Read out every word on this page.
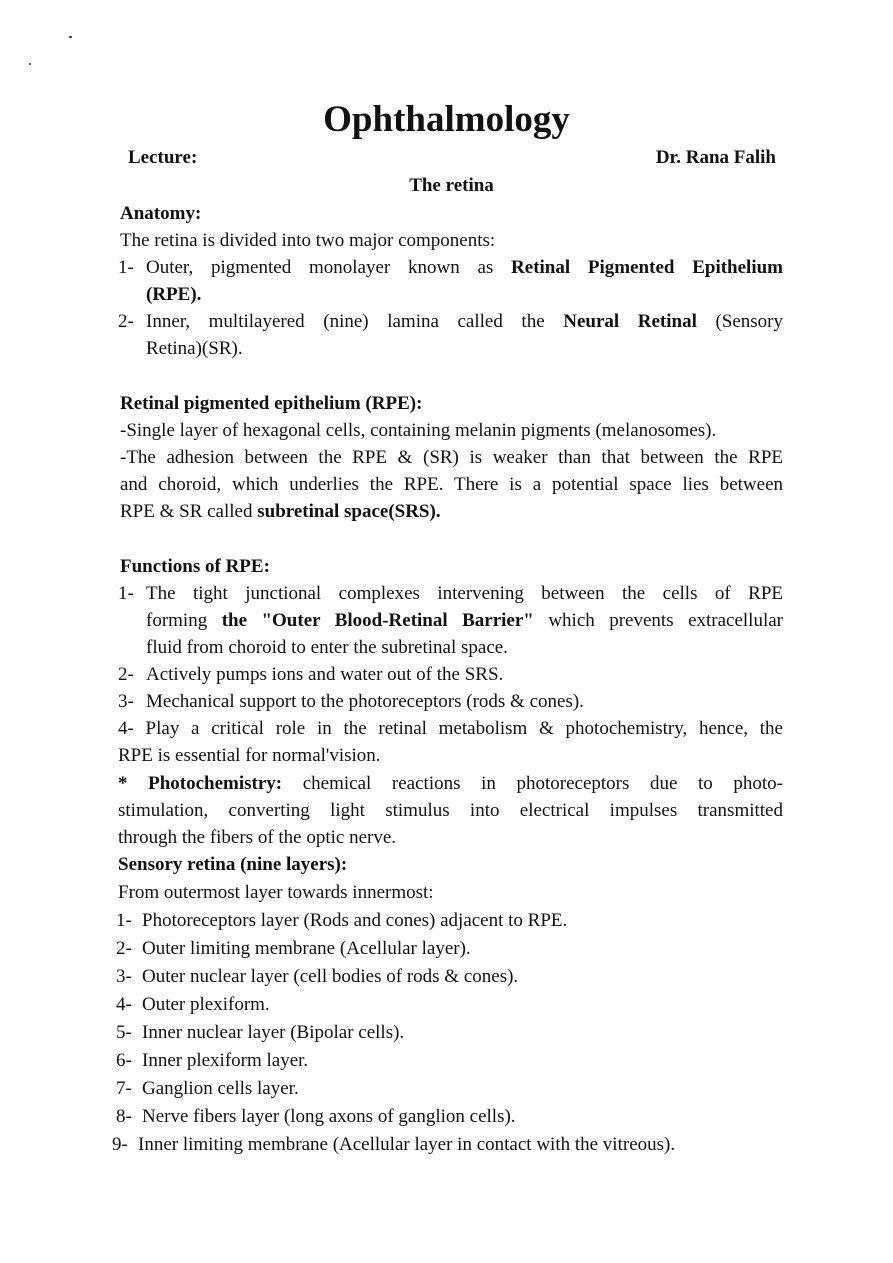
Ophthalmology
Lecture:	Dr. Rana Falih
The retina
Anatomy:
The retina is divided into two major components:
1- Outer, pigmented monolayer known as Retinal Pigmented Epithelium
(RPE).
2- Inner, multilayered (nine) lamina called the Neural Retinal (Sensory
Retina)(SR).
Retinal pigmented epithelium (RPE):
-Single layer of hexagonal cells, containing melanin pigments (melanosomes).
-The adhesion between the RPE & (SR) is weaker than that between the RPE
and choroid, which underlies the RPE. There is a potential space lies between
RPE & SR called subretinal space(SRS).
Functions of RPE:
1- The tight junctional complexes intervening between the cells of RPE
forming the "Outer Blood-Retinal Barrier" which prevents extracellular
fluid from choroid to enter the subretinal space.
2- Actively pumps ions and water out of the SRS.
3- Mechanical support to the photoreceptors (rods & cones).
4- Play a critical role in the retinal metabolism & photochemistry, hence, the
RPE is essential for normal'vision.
* Photochemistry: chemical reactions in photoreceptors due to photo-
stimulation, converting light stimulus into electrical impulses transmitted
through the fibers of the optic nerve.
Sensory retina (nine layers):
From outermost layer towards innermost:
1- Photoreceptors layer (Rods and cones) adjacent to RPE.
2- Outer limiting membrane (Acellular layer).
3- Outer nuclear layer (cell bodies of rods & cones).
4- Outer plexiform.
5- Inner nuclear layer (Bipolar cells).
6- Inner plexiform layer.
7- Ganglion cells layer.
8- Nerve fibers layer (long axons of ganglion cells).
9- Inner limiting membrane (Acellular layer in contact with the vitreous).
